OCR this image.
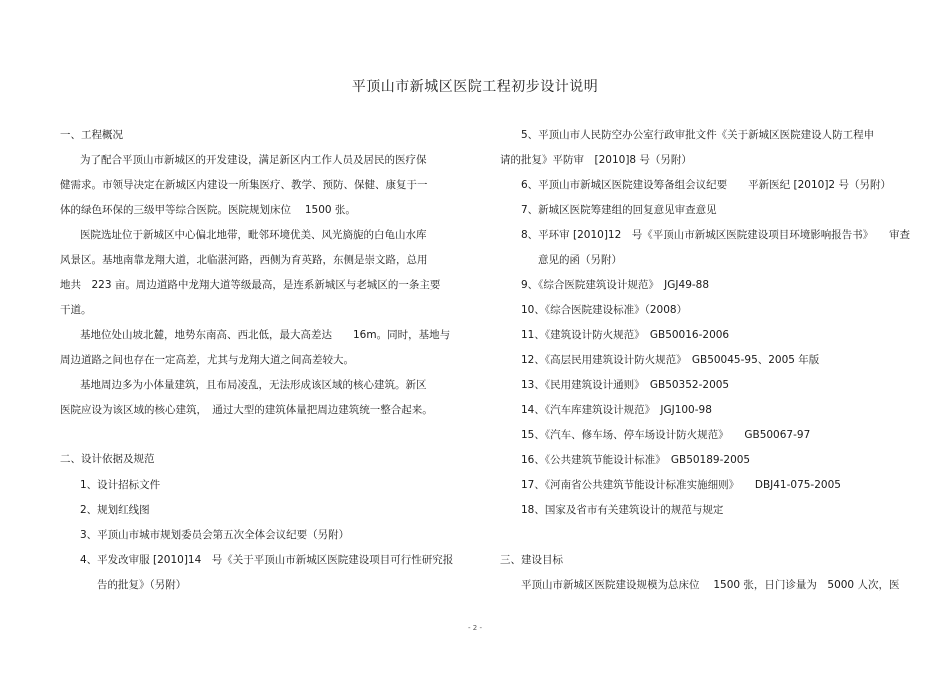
平顶山市新城区医院工程初步设计说明
一、工程概况
为了配合平顶山市新城区的开发建设，满足新区内工作人员及居民的医疗保
健需求。市领导决定在新城区内建设一所集医疗、教学、预防、保健、康复于一
体的绿色环保的三级甲等综合医院。医院规划床位　 1500 张。
医院选址位于新城区中心偏北地带，毗邻环境优美、风光旖旎的白龟山水库
风景区。基地南靠龙翔大道，北临湛河路，西侧为育英路，东侧是崇文路，总用
地共　223 亩。周边道路中龙翔大道等级最高，是连系新城区与老城区的一条主要
干道。
基地位处山坡北麓，地势东南高、西北低，最大高差达　　16m。同时，基地与
周边道路之间也存在一定高差，尤其与龙翔大道之间高差较大。
基地周边多为小体量建筑，且布局凌乱，无法形成该区域的核心建筑。新区
医院应设为该区域的核心建筑，　通过大型的建筑体量把周边建筑统一整合起来。
二、设计依据及规范
1、设计招标文件
2、规划红线图
3、平顶山市城市规划委员会第五次全体会议纪要（另附）
4、平发改审服 [2010]14　号《关于平顶山市新城区医院建设项目可行性研究报
告的批复》（另附）
5、平顶山市人民防空办公室行政审批文件《关于新城区医院建设人防工程申
请的批复》平防审　[2010]8 号（另附）
6、平顶山市新城区医院建设筹备组会议纪要　　平新医纪 [2010]2 号（另附）
7、新城区医院筹建组的回复意见审查意见
8、平环审 [2010]12　号《平顶山市新城区医院建设项目环境影响报告书》　　审查
意见的函（另附）
9、《综合医院建筑设计规范》　JGJ49-88
10、《综合医院建设标准》（2008）
11、《建筑设计防火规范》　GB50016-2006
12、《高层民用建筑设计防火规范》　GB50045-95、2005 年版
13、《民用建筑设计通则》　GB50352-2005
14、《汽车库建筑设计规范》　JGJ100-98
15、《汽车、修车场、停车场设计防火规范》　　GB50067-97
16、《公共建筑节能设计标准》　GB50189-2005
17、《河南省公共建筑节能设计标准实施细则》　　DBJ41-075-2005
18、国家及省市有关建筑设计的规范与规定
三、建设目标
平顶山市新城区医院建设规模为总床位　 1500 张，日门诊量为　5000 人次，医
- 2 -
